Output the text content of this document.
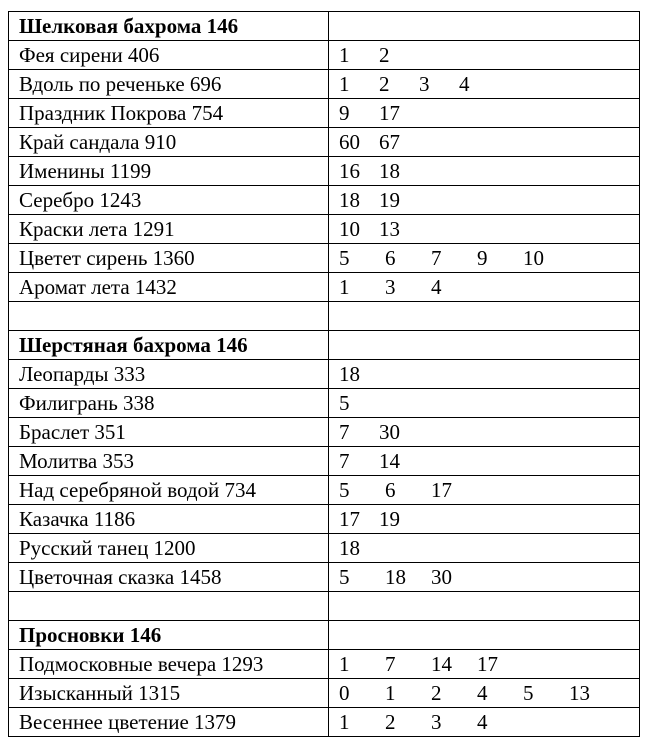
Шелковая бахрома 146	
Фея сирени 406	1 2
Вдоль по реченьке 696	1 2 3 4
Праздник Покрова 754	9 17
Край сандала 910	60 67
Именины 1199	16 18
Серебро 1243	18 19
Краски лета 1291	10 13
Цветет сирень 1360	5 6 7 9 10
Аромат лета 1432	1 3 4

Шерстяная бахрома 146	
Леопарды 333	18
Филигрань 338	5
Браслет 351	7 30
Молитва 353	7 14
Над серебряной водой 734	5 6 17
Казачка 1186	17 19
Русский танец 1200	18
Цветочная сказка 1458	5 18 30

Просновки 146	
Подмосковные вечера 1293	1 7 14 17
Изысканный 1315	0 1 2 4 5 13
Весеннее цветение 1379	1 2 3 4
